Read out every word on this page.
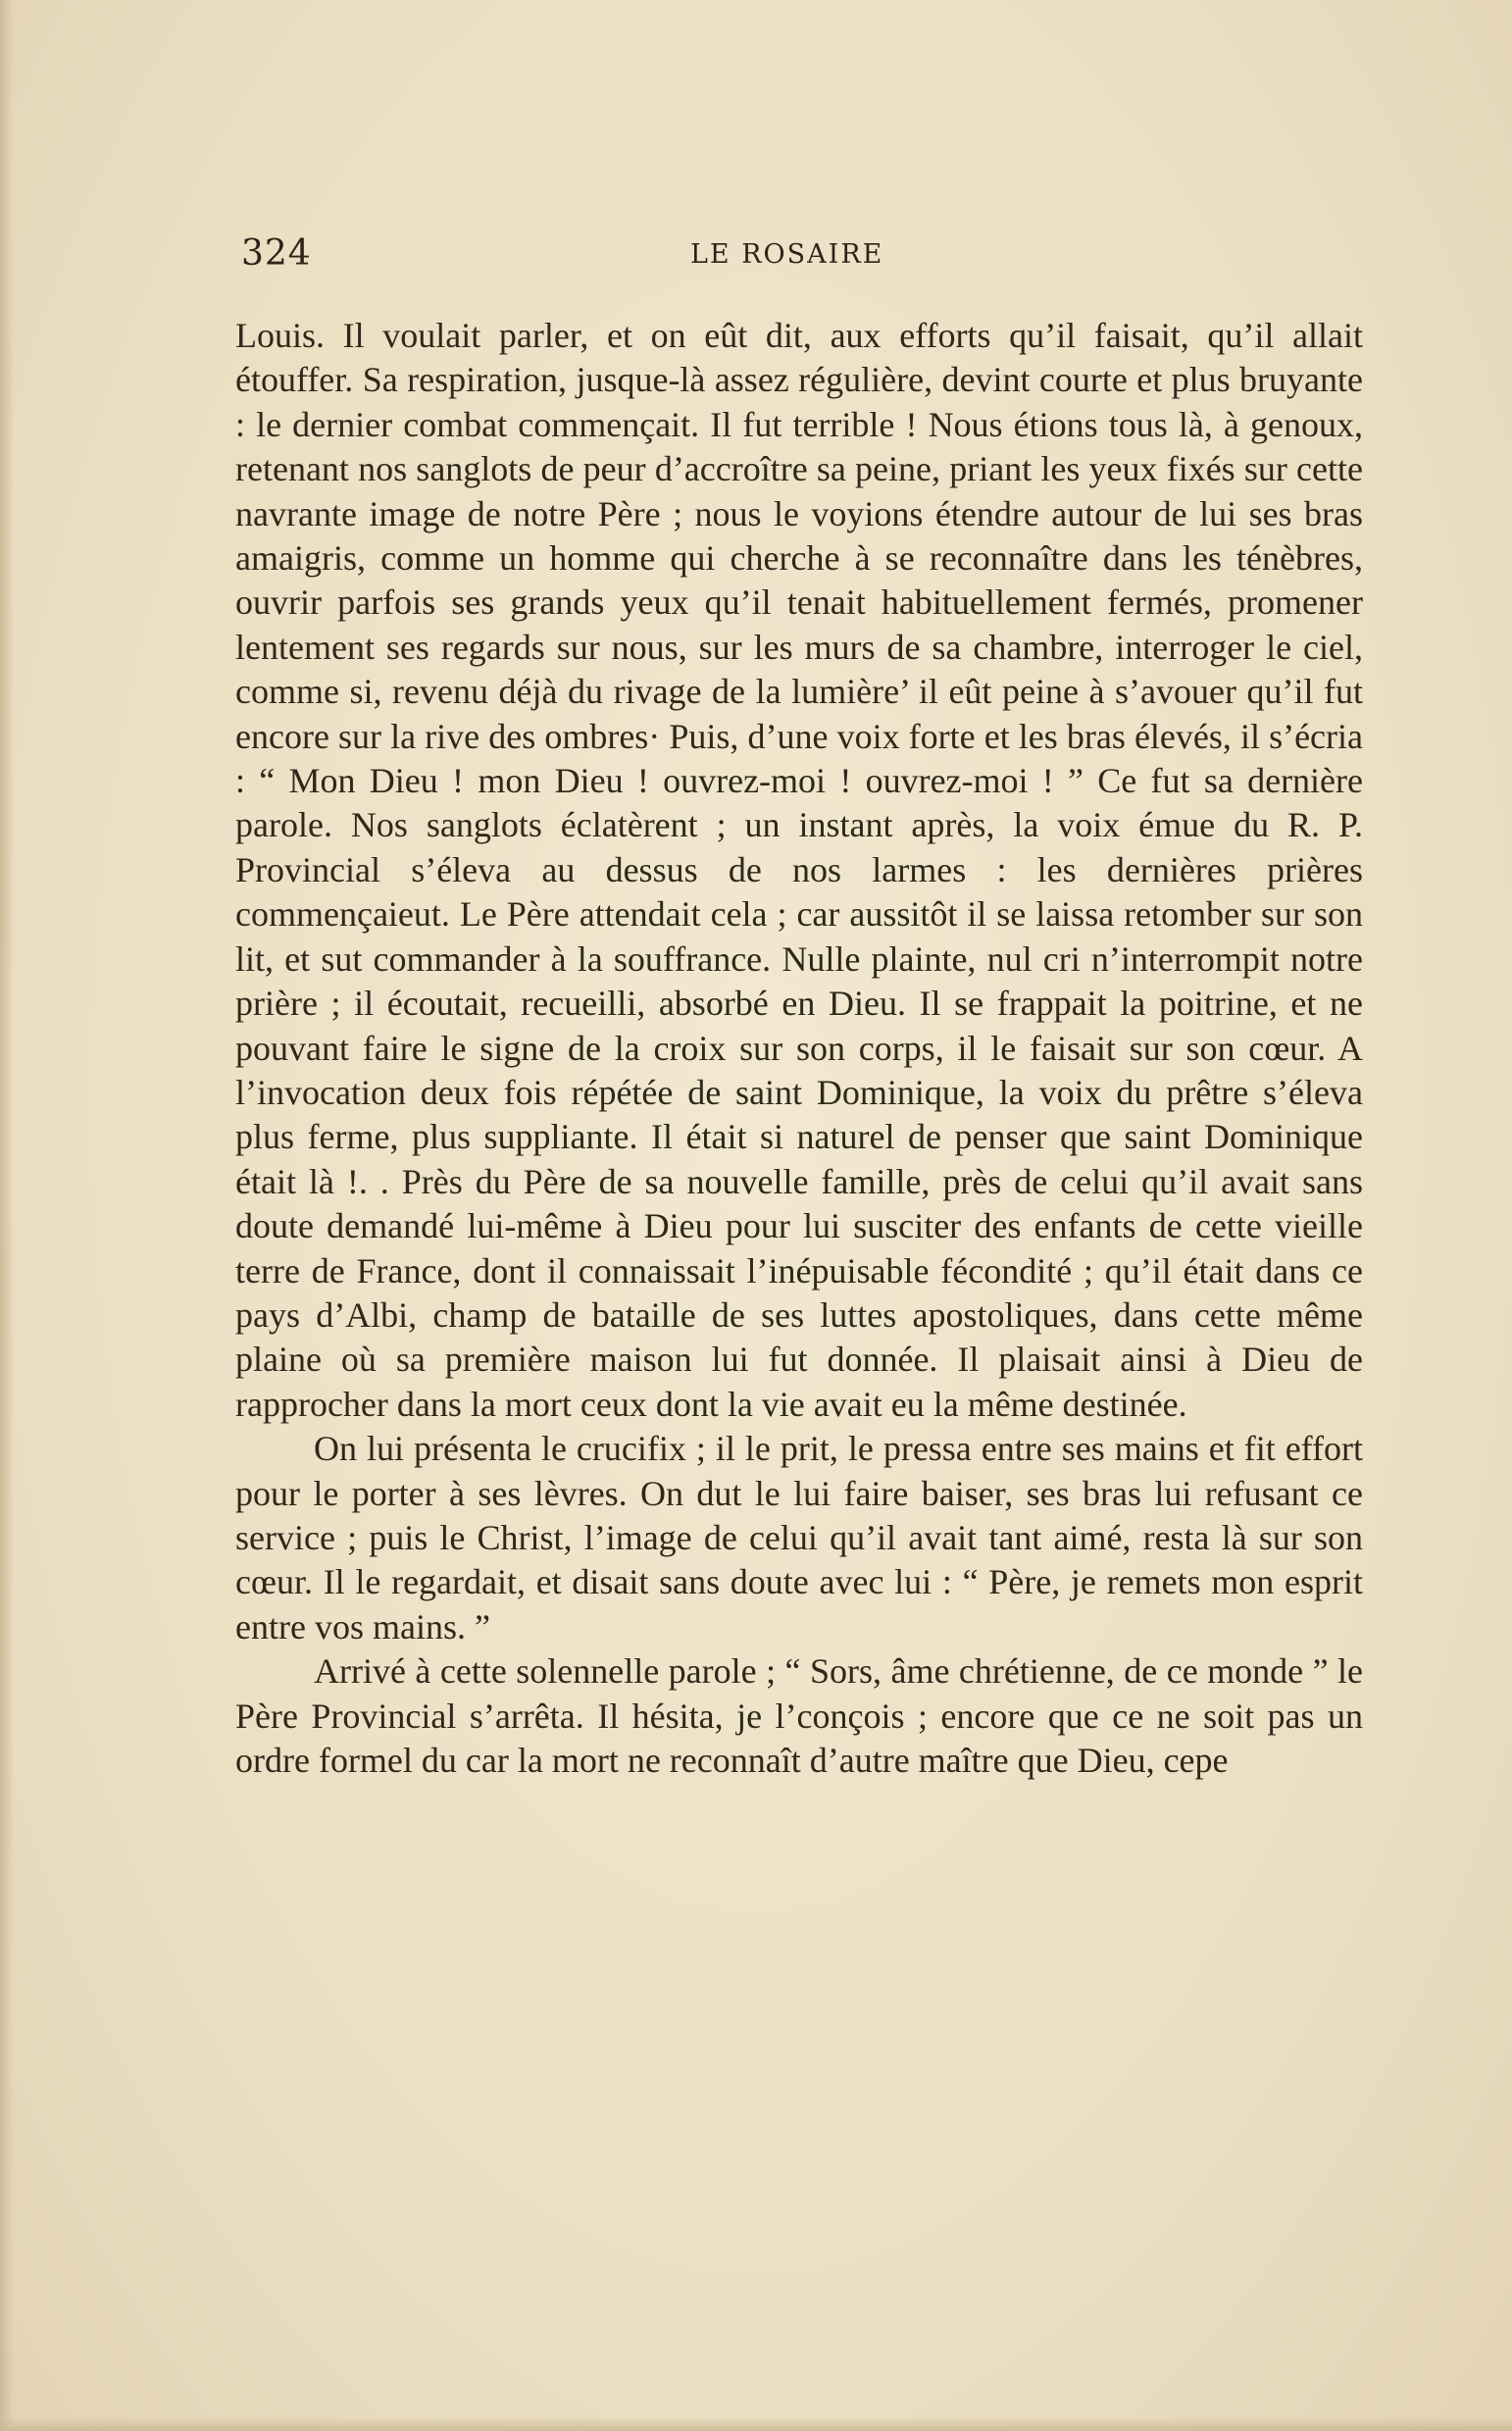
324	LE ROSAIRE

Louis. Il voulait parler, et on eût dit, aux efforts qu’il faisait, qu’il allait étouffer. Sa respiration, jusque-là assez régulière, devint courte et plus bruyante : le dernier combat commençait. Il fut terrible ! Nous étions tous là, à genoux, retenant nos sanglots de peur d’accroître sa peine, priant les yeux fixés sur cette navrante image de notre Père ; nous le voyions étendre autour de lui ses bras amaigris, comme un homme qui cherche à se reconnaître dans les ténèbres, ouvrir parfois ses grands yeux qu’il tenait habituellement fermés, promener lentement ses regards sur nous, sur les murs de sa chambre, interroger le ciel, comme si, revenu déjà du rivage de la lumière’ il eût peine à s’avouer qu’il fut encore sur la rive des ombres· Puis, d’une voix forte et les bras élevés, il s’écria : “ Mon Dieu ! mon Dieu ! ouvrez-moi ! ouvrez-moi ! ” Ce fut sa dernière parole. Nos sanglots éclatèrent ; un instant après, la voix émue du R. P. Provincial s’éleva au dessus de nos larmes : les dernières prières commençaieut. Le Père attendait cela ; car aussitôt il se laissa retomber sur son lit, et sut commander à la souffrance. Nulle plainte, nul cri n’interrompit notre prière ; il écoutait, recueilli, absorbé en Dieu. Il se frappait la poitrine, et ne pouvant faire le signe de la croix sur son corps, il le faisait sur son cœur. A l’invocation deux fois répétée de saint Dominique, la voix du prêtre s’éleva plus ferme, plus suppliante. Il était si naturel de penser que saint Dominique était là !. . Près du Père de sa nouvelle famille, près de celui qu’il avait sans doute demandé lui-même à Dieu pour lui susciter des enfants de cette vieille terre de France, dont il connaissait l’inépuisable fécondité ; qu’il était dans ce pays d’Albi, champ de bataille de ses luttes apostoliques, dans cette même plaine où sa première maison lui fut donnée. Il plaisait ainsi à Dieu de rapprocher dans la mort ceux dont la vie avait eu la même destinée.

On lui présenta le crucifix ; il le prit, le pressa entre ses mains et fit effort pour le porter à ses lèvres. On dut le lui faire baiser, ses bras lui refusant ce service ; puis le Christ, l’image de celui qu’il avait tant aimé, resta là sur son cœur. Il le regardait, et disait sans doute avec lui : “ Père, je remets mon esprit entre vos mains. ”

Arrivé à cette solennelle parole ; “ Sors, âme chrétienne, de ce monde ” le Père Provincial s’arrêta. Il hésita, je l’conçois ; encore que ce ne soit pas un ordre formel du car la mort ne reconnaît d’autre maître que Dieu, cepe
